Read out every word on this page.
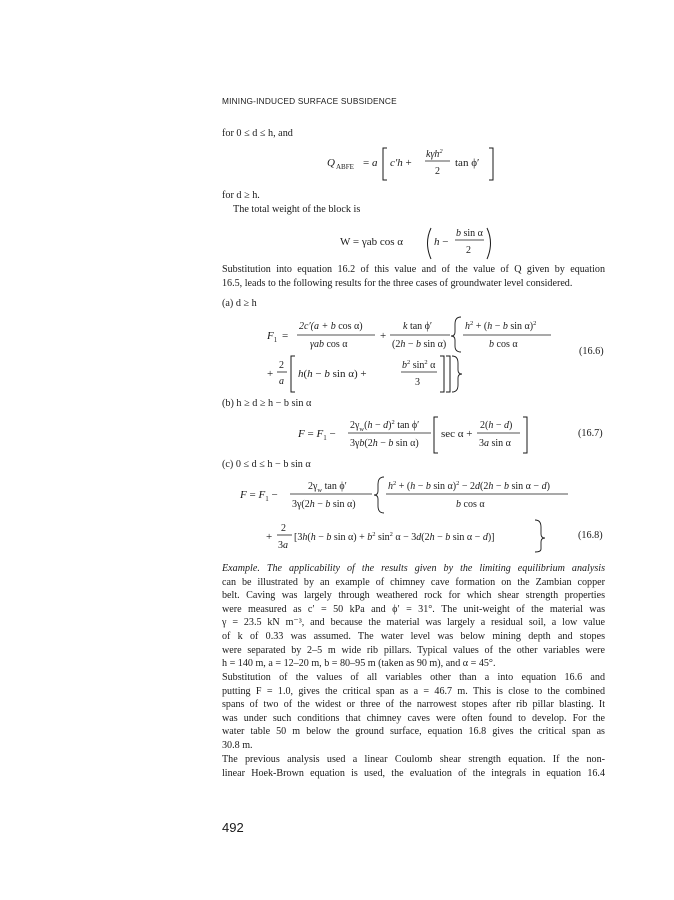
MINING-INDUCED SURFACE SUBSIDENCE
for 0 ≤ d ≤ h, and
Q ABFE = a c′h +
kγh$^2$
2
tan ϕ′
for d ≥ h.
The total weight of the block is
W = γab cos α	h −
b sin α
2
Substitution into equation 16.2 of this value and of the value of Q given by equation
16.5, leads to the following results for the three cases of groundwater level considered.
(a) d ≥ h
$F_1$ =
2c′(a + b cos α)
γab cos α
+
k tan ϕ′
(2h − b sin α)
$h^2 + (h - b$ sin α)$^2$
b cos α
+
2
a
h(h − b sin α) +
$b^2$ $\sin^2 \alpha$
3
(16.6)
(b) h ≥ d ≥ h − b sin α
$F = F_1$ −
$2\gamma_w(h - d)^2$ tan ϕ′
3γb(2h − b sin α)
sec α +
2(h − d)
3a sin α
(16.7)
(c) 0 ≤ d ≤ h − b sin α
$F = F_1$ −
$2\gamma_w$ tan ϕ′
3γ(2h − b sin α)
$h^2 + (h - b$ sin α)$^2$ − 2d(2h − b sin α − d)
b cos α
+
2
3a
[3h(h − b $\sin \alpha) + b^2$ $\sin^2 \alpha - 3d(2h - b$ sin α − d)]	(16.8)
Example. The applicability of the results given by the limiting equilibrium analysis
can be illustrated by an example of chimney cave formation on the Zambian copper
belt. Caving was largely through weathered rock for which shear strength properties
were measured as c′ = 50 kPa and ϕ′ = 31°. The unit-weight of the material was
γ = 23.5 kN m⁻³, and because the material was largely a residual soil, a low value
of k of 0.33 was assumed. The water level was below mining depth and stopes
were separated by 2–5 m wide rib pillars. Typical values of the other variables were
h = 140 m, a = 12–20 m, b = 80–95 m (taken as 90 m), and α = 45°.
Substitution of the values of all variables other than a into equation 16.6 and
putting F = 1.0, gives the critical span as a = 46.7 m. This is close to the combined
spans of two of the widest or three of the narrowest stopes after rib pillar blasting. It
was under such conditions that chimney caves were often found to develop. For the
water table 50 m below the ground surface, equation 16.8 gives the critical span as
30.8 m.
The previous analysis used a linear Coulomb shear strength equation. If the non-
linear Hoek-Brown equation is used, the evaluation of the integrals in equation 16.4
492
